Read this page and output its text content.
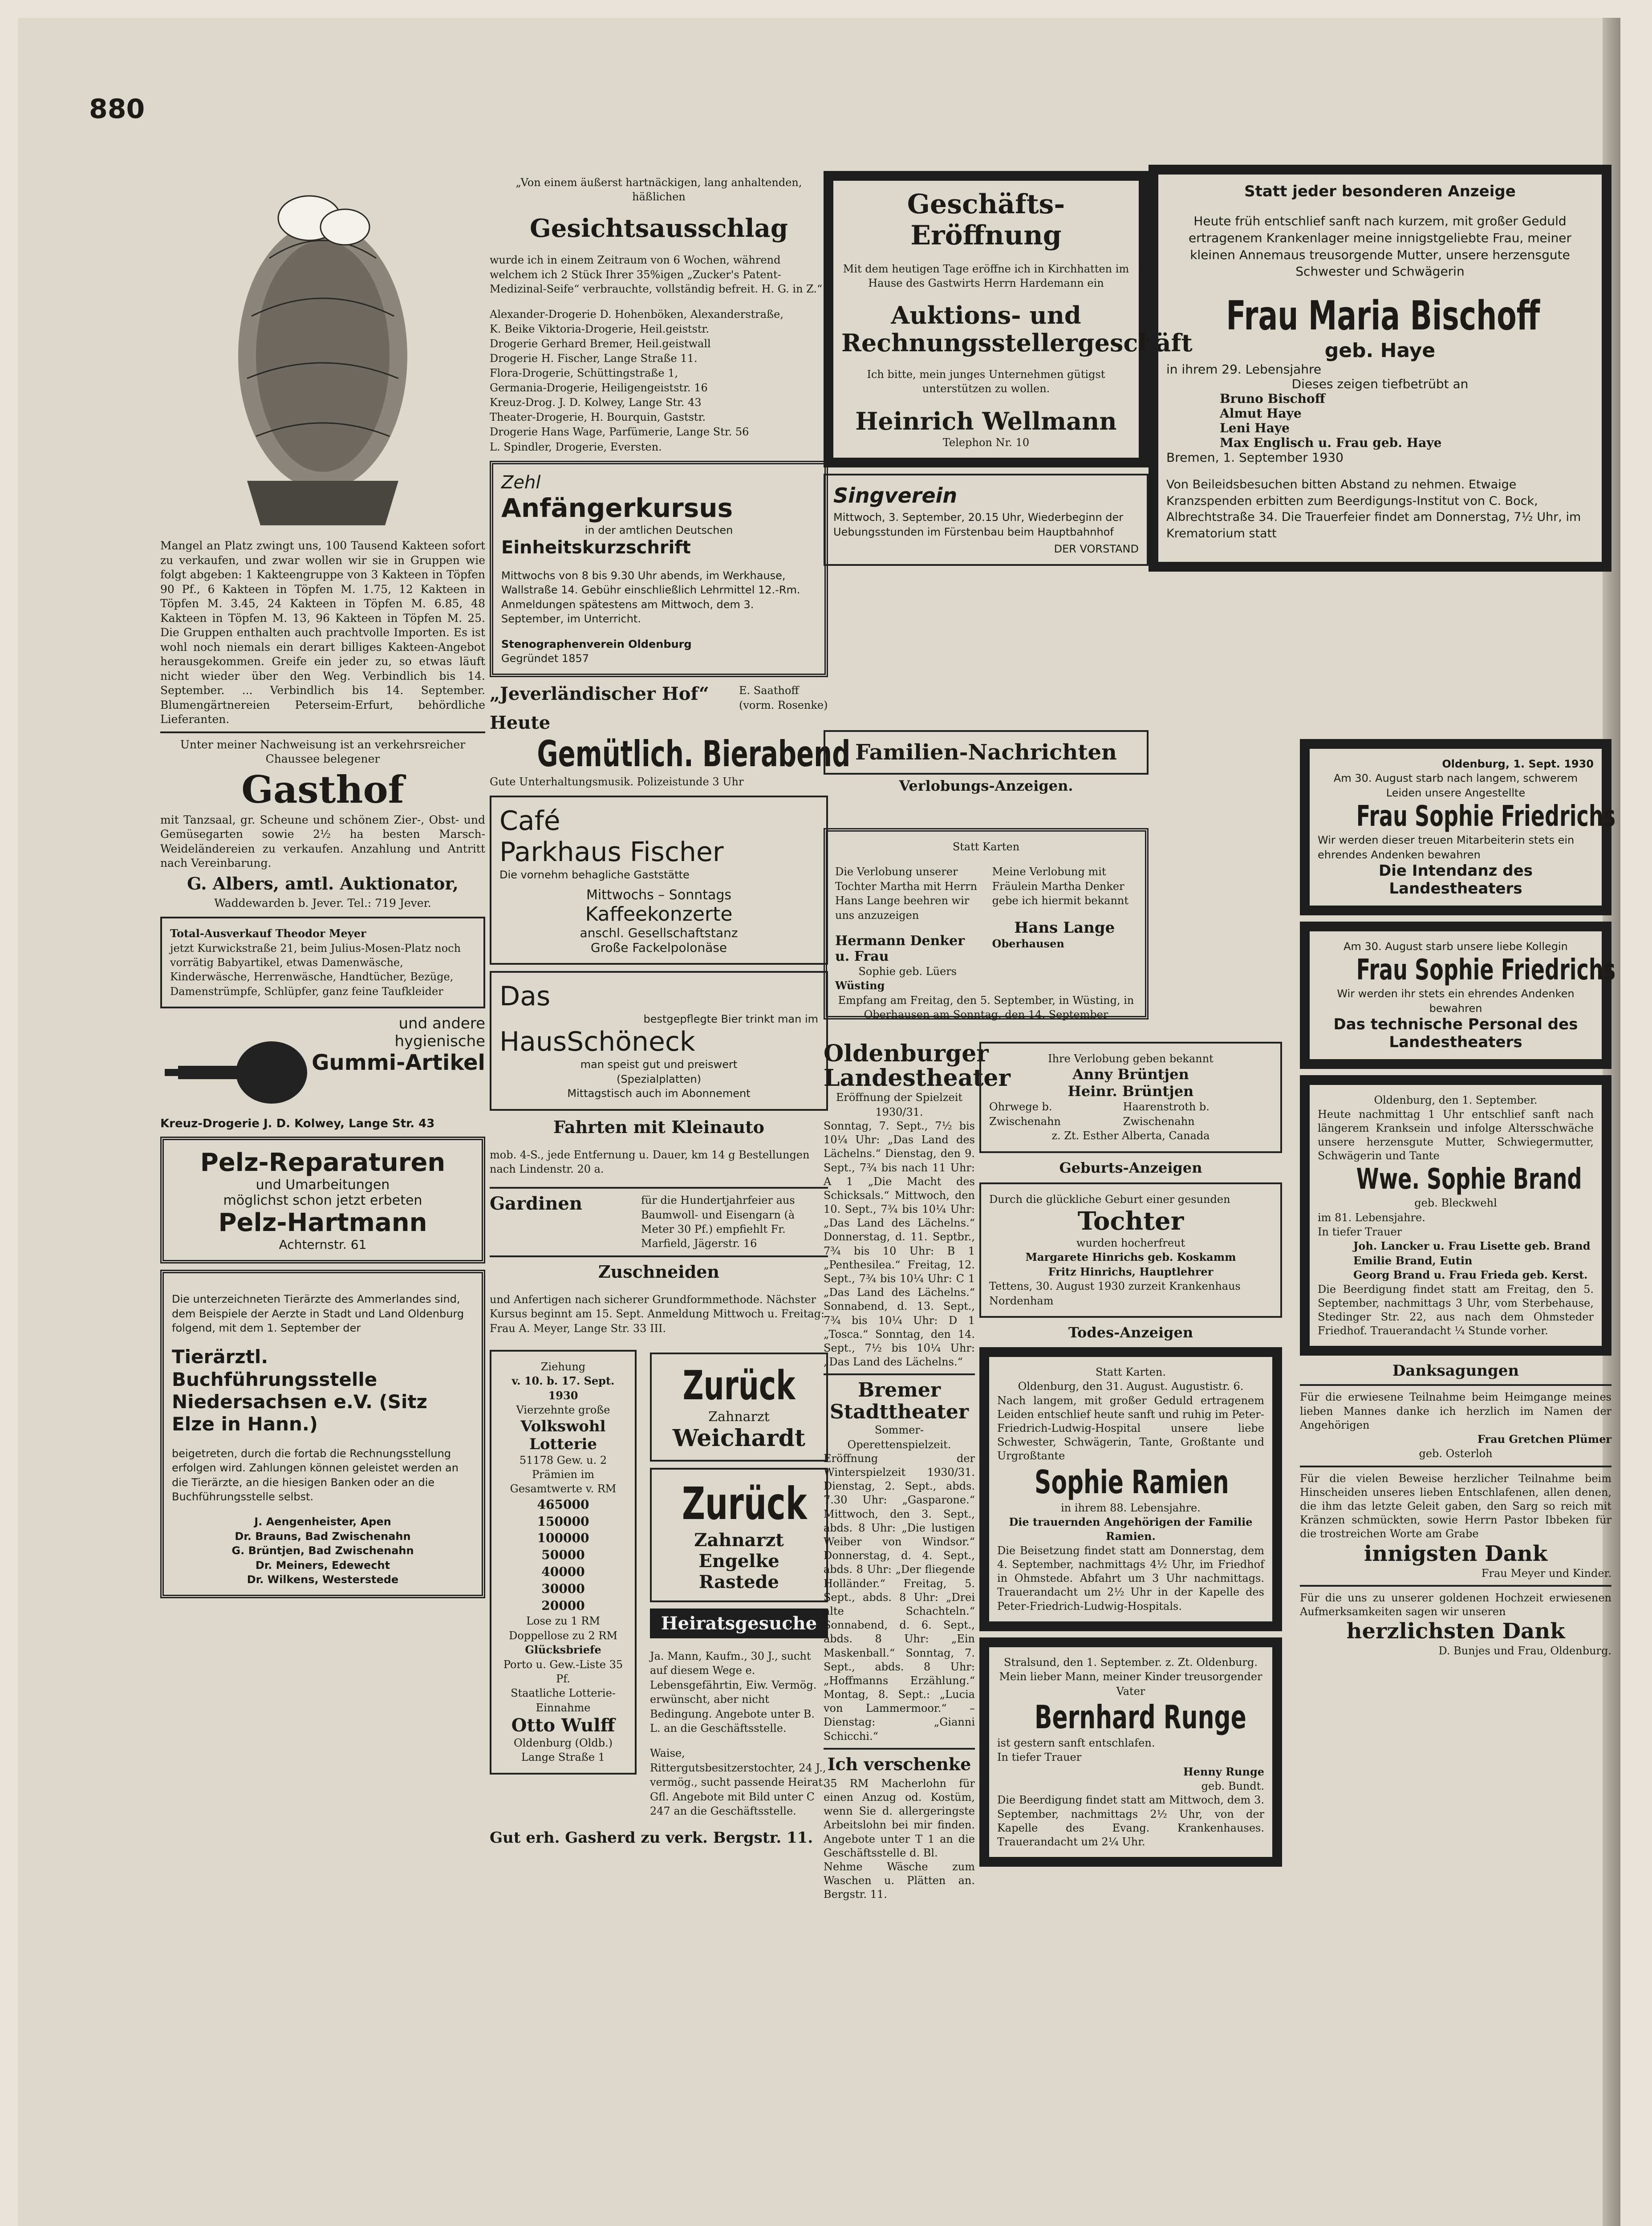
880

Mangel an Platz zwingt uns, 100 Tausend Kakteen sofort zu verkaufen, und zwar wollen wir sie in Gruppen wie folgt abgeben: 1 Kakteengruppe von 3 Kakteen in Töpfen 90 Pf., 6 Kakteen in Töpfen M. 1.75, 12 Kakteen in Töpfen M. 3.45, 24 Kakteen in Töpfen M. 6.85, 48 Kakteen in Töpfen M. 13, 96 Kakteen in Töpfen M. 25. Die Gruppen enthalten auch prachtvolle Importen. Es ist wohl noch niemals ein derart billiges Kakteen-Angebot herausgekommen. Greife ein jeder zu, so etwas läuft nicht wieder über den Weg. Verbindlich bis 14. September. ... Verbindlich bis 14. September. Blumengärtnereien Peterseim-Erfurt, behördliche Lieferanten.

Unter meiner Nachweisung ist an verkehrsreicher Chaussee belegener

Gasthof

mit Tanzsaal, gr. Scheune und schönem Zier-, Obst- und Gemüsegarten sowie 2½ ha besten Marsch-Weideländereien zu verkaufen. Anzahlung und Antritt nach Vereinbarung.

G. Albers, amtl. Auktionator,

Waddewarden b. Jever. Tel.: 719 Jever.

Total-Ausverkauf Theodor Meyer
jetzt Kurwickstraße 21, beim Julius-Mosen-Platz noch vorrätig Babyartikel, etwas Damenwäsche, Kinderwäsche, Herrenwäsche, Handtücher, Bezüge, Damenstrümpfe, Schlüpfer, ganz feine Taufkleider
und andere
hygienische
Gummi-Artikel
Kreuz-Drogerie J. D. Kolwey, Lange Str. 43
Pelz-Reparaturen
und Umarbeitungen
möglichst schon jetzt erbeten
Pelz-Hartmann
Achternstr. 61

Die unterzeichneten Tierärzte des Ammerlandes sind, dem Beispiele der Aerzte in Stadt und Land Oldenburg folgend, mit dem 1. September der

Tierärztl. Buchführungsstelle Niedersachsen e.V. (Sitz Elze in Hann.)

beigetreten, durch die fortab die Rechnungsstellung erfolgen wird. Zahlungen können geleistet werden an die Tierärzte, an die hiesigen Banken oder an die Buchführungsstelle selbst.

J. Aengenheister, Apen
Dr. Brauns, Bad Zwischenahn
G. Brüntjen, Bad Zwischenahn
Dr. Meiners, Edewecht
Dr. Wilkens, Westerstede

„Von einem äußerst hartnäckigen, lang anhaltenden, häßlichen

Gesichtsausschlag

wurde ich in einem Zeitraum von 6 Wochen, während welchem ich 2 Stück Ihrer 35%igen „Zucker's Patent-Medizinal-Seife“ verbrauchte, vollständig befreit. H. G. in Z.“

Alexander-Drogerie D. Hohenböken, Alexanderstraße,
K. Beike Viktoria-Drogerie, Heil.geiststr.
Drogerie Gerhard Bremer, Heil.geistwall
Drogerie H. Fischer, Lange Straße 11.
Flora-Drogerie, Schüttingstraße 1,
Germania-Drogerie, Heiligengeiststr. 16
Kreuz-Drog. J. D. Kolwey, Lange Str. 43
Theater-Drogerie, H. Bourquin, Gaststr.
Drogerie Hans Wage, Parfümerie, Lange Str. 56
L. Spindler, Drogerie, Eversten.
Zehl
Anfängerkursus
in der amtlichen Deutschen
Einheitskurzschrift

Mittwochs von 8 bis 9.30 Uhr abends, im Werkhause, Wallstraße 14. Gebühr einschließlich Lehrmittel 12.-Rm. Anmeldungen spätestens am Mittwoch, dem 3. September, im Unterricht.

Stenographenverein Oldenburg
Gegründet 1857
„Jeverländischer Hof“	E. Saathoff (vorm. Rosenke)
Heute
Gemütlich. Bierabend
Gute Unterhaltungsmusik. Polizeistunde 3 Uhr
Café
Parkhaus Fischer
Die vornehm behagliche Gaststätte
Mittwochs – Sonntags
Kaffeekonzerte
anschl. Gesellschaftstanz
Große Fackelpolonäse
Das
bestgepflegte Bier trinkt man im
HausSchöneck
man speist gut und preiswert
(Spezialplatten)
Mittagstisch auch im Abonnement
Fahrten mit Kleinauto

mob. 4-S., jede Entfernung u. Dauer, km 14 g Bestellungen nach Lindenstr. 20 a.

Gardinen	für die Hundertjahrfeier aus Baumwoll- und Eisengarn (à Meter 30 Pf.) empfiehlt Fr. Marfield, Jägerstr. 16

Zuschneiden

und Anfertigen nach sicherer Grundformmethode. Nächster Kursus beginnt am 15. Sept. Anmeldung Mittwoch u. Freitag: Frau A. Meyer, Lange Str. 33 III.

Ziehung
v. 10. b. 17. Sept. 1930
Vierzehnte große
Volkswohl
Lotterie
51178 Gew. u. 2 Prämien im Gesamtwerte v. RM
465000
150000
100000
50000
40000
30000
20000
Lose zu 1 RM
Doppellose zu 2 RM
Glücksbriefe
Porto u. Gew.-Liste 35 Pf.
Staatliche Lotterie-Einnahme
Otto Wulff
Oldenburg (Oldb.)
Lange Straße 1
Zurück
Zahnarzt
Weichardt
Zurück
Zahnarzt Engelke
Rastede
Heiratsgesuche

Ja. Mann, Kaufm., 30 J., sucht auf diesem Wege e. Lebensgefährtin, Eiw. Vermög. erwünscht, aber nicht Bedingung. Angebote unter B. L. an die Geschäftsstelle.

Waise, Rittergutsbesitzerstochter, 24 J., vermög., sucht passende Heirat. Gfl. Angebote mit Bild unter C 247 an die Geschäftsstelle.

Gut erh. Gasherd zu verk. Bergstr. 11.
Geschäfts-Eröffnung

Mit dem heutigen Tage eröffne ich in Kirchhatten im Hause des Gastwirts Herrn Hardemann ein

Auktions- und Rechnungsstellergeschäft

Ich bitte, mein junges Unternehmen gütigst unterstützen zu wollen.

Heinrich Wellmann
Telephon Nr. 10
Singverein

Mittwoch, 3. September, 20.15 Uhr, Wiederbeginn der Uebungsstunden im Fürstenbau beim Hauptbahnhof

DER VORSTAND
Familien-Nachrichten
Verlobungs-Anzeigen.
Statt Karten

Die Verlobung unserer Tochter Martha mit Herrn Hans Lange beehren wir uns anzuzeigen

Hermann Denker u. Frau
Sophie geb. Lüers
Wüsting

Meine Verlobung mit Fräulein Martha Denker gebe ich hiermit bekannt

Hans Lange
Oberhausen
Empfang am Freitag, den 5. September, in Wüsting, in Oberhausen am Sonntag, den 14. September
Oldenburger Landestheater
Eröffnung der Spielzeit 1930/31.

Sonntag, 7. Sept., 7½ bis 10¼ Uhr: „Das Land des Lächelns.“ Dienstag, den 9. Sept., 7¾ bis nach 11 Uhr: A 1 „Die Macht des Schicksals.“ Mittwoch, den 10. Sept., 7¾ bis 10¼ Uhr: „Das Land des Lächelns.“ Donnerstag, d. 11. Septbr., 7¾ bis 10 Uhr: B 1 „Penthesilea.“ Freitag, 12. Sept., 7¾ bis 10¼ Uhr: C 1 „Das Land des Lächelns.“ Sonnabend, d. 13. Sept., 7¾ bis 10¼ Uhr: D 1 „Tosca.“ Sonntag, den 14. Sept., 7½ bis 10¼ Uhr: „Das Land des Lächelns.“

Bremer Stadttheater
Sommer-Operettenspielzeit.

Eröffnung der Winterspielzeit 1930/31. Dienstag, 2. Sept., abds. 7.30 Uhr: „Gasparone.“ Mittwoch, den 3. Sept., abds. 8 Uhr: „Die lustigen Weiber von Windsor.“ Donnerstag, d. 4. Sept., abds. 8 Uhr: „Der fliegende Holländer.“ Freitag, 5. Sept., abds. 8 Uhr: „Drei alte Schachteln.“ Sonnabend, d. 6. Sept., abds. 8 Uhr: „Ein Maskenball.“ Sonntag, 7. Sept., abds. 8 Uhr: „Hoffmanns Erzählung.“ Montag, 8. Sept.: „Lucia von Lammermoor.“ – Dienstag: „Gianni Schicchi.“

Ich verschenke

35 RM Macherlohn für einen Anzug od. Kostüm, wenn Sie d. allergeringste Arbeitslohn bei mir finden. Angebote unter T 1 an die Geschäftsstelle d. Bl.

Nehme Wäsche zum Waschen u. Plätten an. Bergstr. 11.

Ihre Verlobung geben bekannt
Anny Brüntjen
Heinr. Brüntjen
Ohrwege b. Zwischenahn
Haarenstroth b. Zwischenahn
z. Zt. Esther Alberta, Canada
Geburts-Anzeigen
Durch die glückliche Geburt einer gesunden
Tochter
wurden hocherfreut
Margarete Hinrichs geb. Koskamm
Fritz Hinrichs, Hauptlehrer
Tettens, 30. August 1930 zurzeit Krankenhaus Nordenham
Todes-Anzeigen
Statt Karten.
Oldenburg, den 31. August. Augustistr. 6.

Nach langem, mit großer Geduld ertragenem Leiden entschlief heute sanft und ruhig im Peter-Friedrich-Ludwig-Hospital unsere liebe Schwester, Schwägerin, Tante, Großtante und Urgroßtante

Sophie Ramien
in ihrem 88. Lebensjahre.
Die trauernden Angehörigen der Familie Ramien.

Die Beisetzung findet statt am Donnerstag, dem 4. September, nachmittags 4½ Uhr, im Friedhof in Ohmstede. Abfahrt um 3 Uhr nachmittags. Trauerandacht um 2½ Uhr in der Kapelle des Peter-Friedrich-Ludwig-Hospitals.

Stralsund, den 1. September. z. Zt. Oldenburg.
Mein lieber Mann, meiner Kinder treusorgender Vater
Bernhard Runge
ist gestern sanft entschlafen.
In tiefer Trauer
Henny Runge
geb. Bundt.

Die Beerdigung findet statt am Mittwoch, dem 3. September, nachmittags 2½ Uhr, von der Kapelle des Evang. Krankenhauses. Trauerandacht um 2¼ Uhr.

Statt jeder besonderen Anzeige

Heute früh entschlief sanft nach kurzem, mit großer Geduld ertragenem Krankenlager meine innigstgeliebte Frau, meiner kleinen Annemaus treusorgende Mutter, unsere herzensgute Schwester und Schwägerin

Frau Maria Bischoff
geb. Haye
in ihrem 29. Lebensjahre
Dieses zeigen tiefbetrübt an
Bruno Bischoff
Almut Haye
Leni Haye
Max Englisch u. Frau geb. Haye
Bremen, 1. September 1930

Von Beileidsbesuchen bitten Abstand zu nehmen. Etwaige Kranzspenden erbitten zum Beerdigungs-Institut von C. Bock, Albrechtstraße 34. Die Trauerfeier findet am Donnerstag, 7½ Uhr, im Krematorium statt

Oldenburg, 1. Sept. 1930
Am 30. August starb nach langem, schwerem Leiden unsere Angestellte
Frau Sophie Friedrichs
Wir werden dieser treuen Mitarbeiterin stets ein ehrendes Andenken bewahren
Die Intendanz des Landestheaters
Am 30. August starb unsere liebe Kollegin
Frau Sophie Friedrichs
Wir werden ihr stets ein ehrendes Andenken bewahren
Das technische Personal des Landestheaters
Oldenburg, den 1. September.

Heute nachmittag 1 Uhr entschlief sanft nach längerem Kranksein und infolge Altersschwäche unsere herzensgute Mutter, Schwiegermutter, Schwägerin und Tante

Wwe. Sophie Brand
geb. Bleckwehl
im 81. Lebensjahre.
In tiefer Trauer
Joh. Lancker u. Frau Lisette geb. Brand
Emilie Brand, Eutin
Georg Brand u. Frau Frieda geb. Kerst.

Die Beerdigung findet statt am Freitag, den 5. September, nachmittags 3 Uhr, vom Sterbehause, Stedinger Str. 22, aus nach dem Ohmsteder Friedhof. Trauerandacht ¼ Stunde vorher.

Danksagungen

Für die erwiesene Teilnahme beim Heimgange meines lieben Mannes danke ich herzlich im Namen der Angehörigen

Frau Gretchen Plümer
geb. Osterloh

Für die vielen Beweise herzlicher Teilnahme beim Hinscheiden unseres lieben Entschlafenen, allen denen, die ihm das letzte Geleit gaben, den Sarg so reich mit Kränzen schmückten, sowie Herrn Pastor Ibbeken für die trostreichen Worte am Grabe

innigsten Dank
Frau Meyer und Kinder.

Für die uns zu unserer goldenen Hochzeit erwiesenen Aufmerksamkeiten sagen wir unseren

herzlichsten Dank
D. Bunjes und Frau, Oldenburg.
